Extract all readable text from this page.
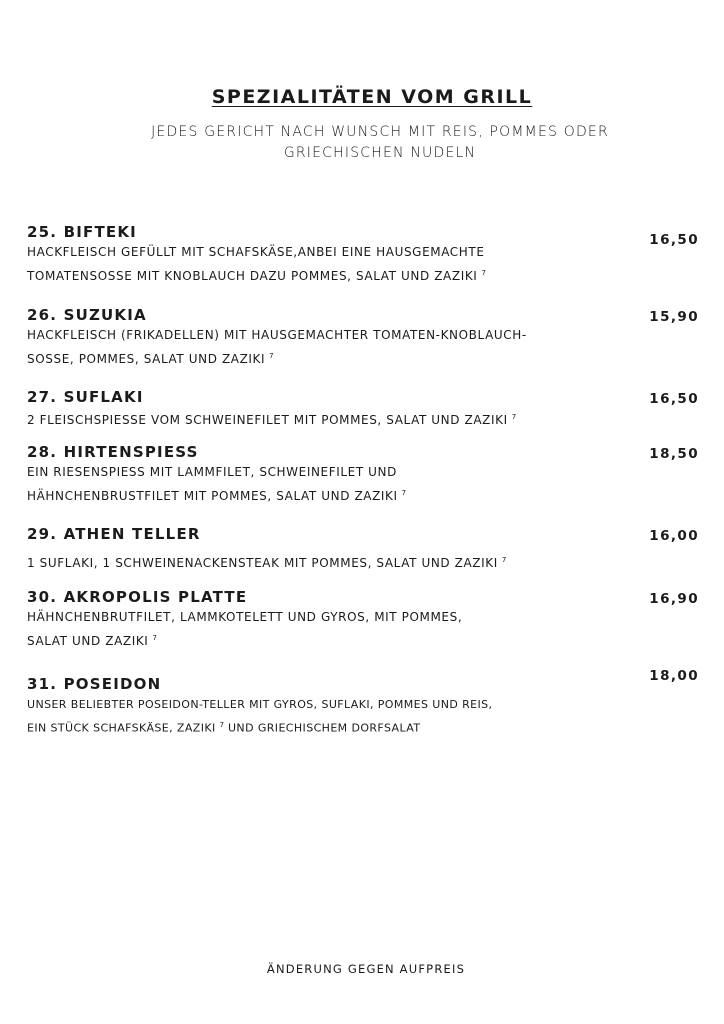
SPEZIALITÄTEN VOM GRILL
JEDES GERICHT NACH WUNSCH MIT REIS, POMMES ODER
GRIECHISCHEN NUDELN
25. BIFTEKI	16,50
HACKFLEISCH GEFÜLLT MIT SCHAFSKÄSE,ANBEI EINE HAUSGEMACHTE
TOMATENSOSSE MIT KNOBLAUCH DAZU POMMES, SALAT UND ZAZIKI $^7$
26. SUZUKIA	15,90
HACKFLEISCH (FRIKADELLEN) MIT HAUSGEMACHTER TOMATEN-KNOBLAUCH-
SOSSE, POMMES, SALAT UND ZAZIKI $^7$
27. SUFLAKI	16,50
2 FLEISCHSPIESSE VOM SCHWEINEFILET MIT POMMES, SALAT UND ZAZIKI $^7$
28. HIRTENSPIESS	18,50
EIN RIESENSPIESS MIT LAMMFILET, SCHWEINEFILET UND
HÄHNCHENBRUSTFILET MIT POMMES, SALAT UND ZAZIKI $^7$
29. ATHEN TELLER	16,00
1 SUFLAKI, 1 SCHWEINENACKENSTEAK MIT POMMES, SALAT UND ZAZIKI $^7$
30. AKROPOLIS PLATTE	16,90
HÄHNCHENBRUTFILET, LAMMKOTELETT UND GYROS, MIT POMMES,
SALAT UND ZAZIKI $^7$
31. POSEIDON	18,00
UNSER BELIEBTER POSEIDON-TELLER MIT GYROS, SUFLAKI, POMMES UND REIS,
EIN STÜCK SCHAFSKÄSE, ZAZIKI $^7$ UND GRIECHISCHEM DORFSALAT
ÄNDERUNG GEGEN AUFPREIS
